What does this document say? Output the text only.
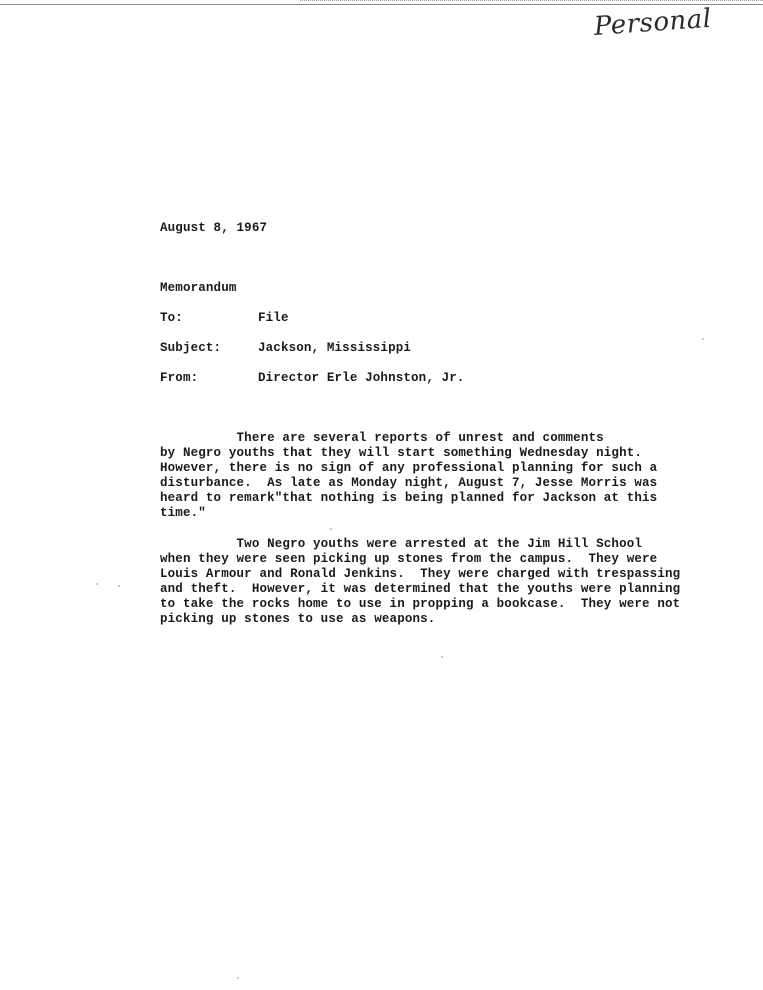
Personal
August 8, 1967
Memorandum
To:	File
Subject:	Jackson, Mississippi
From:	Director Erle Johnston, Jr.
There are several reports of unrest and comments
by Negro youths that they will start something Wednesday night.
However, there is no sign of any professional planning for such a
disturbance.  As late as Monday night, August 7, Jesse Morris was
heard to remark"that nothing is being planned for Jackson at this
time."
Two Negro youths were arrested at the Jim Hill School
when they were seen picking up stones from the campus.  They were
Louis Armour and Ronald Jenkins.  They were charged with trespassing
and theft.  However, it was determined that the youths were planning
to take the rocks home to use in propping a bookcase.  They were not
picking up stones to use as weapons.
